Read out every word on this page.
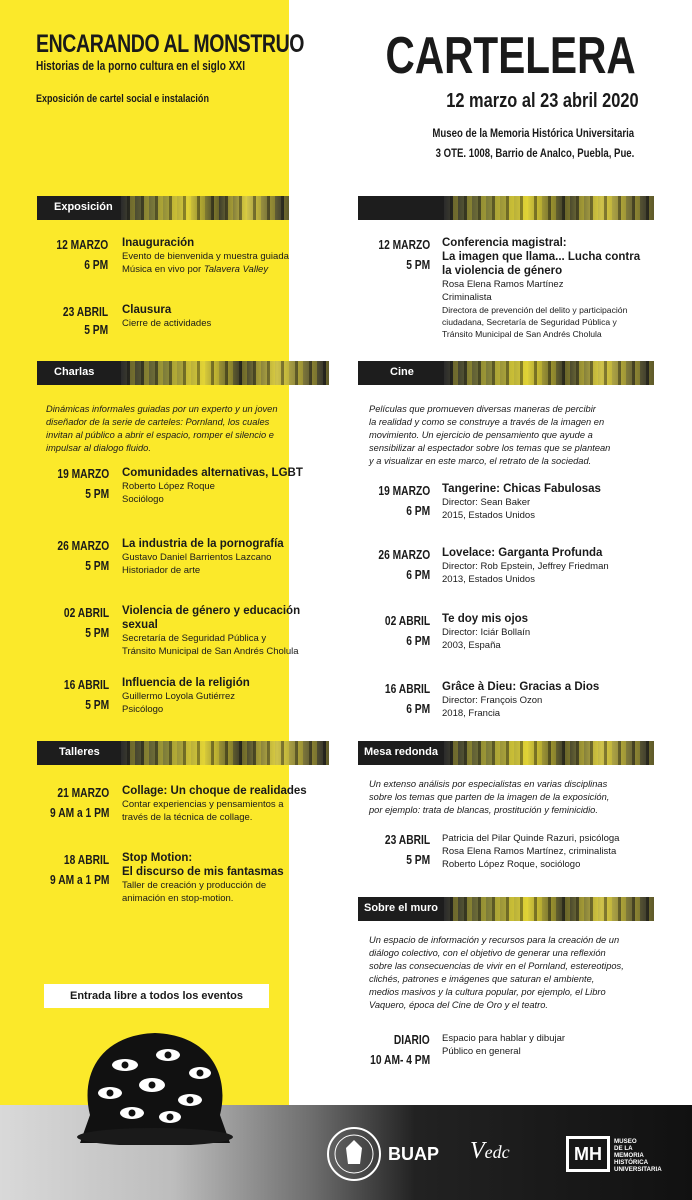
ENCARANDO AL MONSTRUO
Historias de la porno cultura en el siglo XXI
Exposición de cartel social e instalación
CARTELERA
12 marzo al 23 abril 2020
Museo de la Memoria Histórica Universitaria
3 OTE. 1008, Barrio de Analco, Puebla, Pue.
Exposición
12 MARZO
6 PM
Inauguración
Evento de bienvenida y muestra guiada
Música en vivo por Talavera Valley
23 ABRIL
5 PM
Clausura
Cierre de actividades
12 MARZO
5 PM
Conferencia magistral:
La imagen que llama... Lucha contra
la violencia de género
Rosa Elena Ramos Martínez
Criminalista
Directora de prevención del delito y participación
ciudadana, Secretaría de Seguridad Pública y
Tránsito Municipal de San Andrés Cholula
Charlas	Cine
Dinámicas informales guiadas por un experto y un joven
diseñador de la serie de carteles: Pornland, los cuales
invitan al público a abrir el espacio, romper el silencio e
impulsar al dialogo fluido.
19 MARZO
5 PM
Comunidades alternativas, LGBT
Roberto López Roque
Sociólogo
26 MARZO
5 PM
La industria de la pornografía
Gustavo Daniel Barrientos Lazcano
Historiador de arte
02 ABRIL
5 PM
Violencia de género y educación
sexual
Secretaría de Seguridad Pública y
Tránsito Municipal de San Andrés Cholula
16 ABRIL
5 PM
Influencia de la religión
Guillermo Loyola Gutiérrez
Psicólogo
Películas que promueven diversas maneras de percibir
la realidad y como se construye a través de la imagen en
movimiento. Un ejercicio de pensamiento que ayude a
sensibilizar al espectador sobre los temas que se plantean
y a visualizar en este marco, el retrato de la sociedad.
19 MARZO
6 PM
Tangerine: Chicas Fabulosas
Director: Sean Baker
2015, Estados Unidos
26 MARZO
6 PM
Lovelace: Garganta Profunda
Director: Rob Epstein, Jeffrey Friedman
2013, Estados Unidos
02 ABRIL
6 PM
Te doy mis ojos
Director: Iciár Bollaín
2003, España
16 ABRIL
6 PM
Grâce à Dieu: Gracias a Dios
Director: François Ozon
2018, Francia
Talleres	Mesa redonda
21 MARZO
9 AM a 1 PM
Collage: Un choque de realidades
Contar experiencias y pensamientos a
través de la técnica de collage.
18 ABRIL
9 AM a 1 PM
Stop Motion:
El discurso de mis fantasmas
Taller de creación y producción de
animación en stop-motion.
Un extenso análisis por especialistas en varias disciplinas
sobre los temas que parten de la imagen de la exposición,
por ejemplo: trata de blancas, prostitución y feminicidio.
23 ABRIL
5 PM
Patricia del Pilar Quinde Razuri, psicóloga
Rosa Elena Ramos Martínez, criminalista
Roberto López Roque, sociólogo
Sobre el muro
Un espacio de información y recursos para la creación de un
diálogo colectivo, con el objetivo de generar una reflexión
sobre las consecuencias de vivir en el Pornland, estereotipos,
clichés, patrones e imágenes que saturan el ambiente,
medios masivos y la cultura popular, por ejemplo, el Libro
Vaquero, época del Cine de Oro y el teatro.
DIARIO
10 AM- 4 PM
Espacio para hablar y dibujar
Público en general
Entrada libre a todos los eventos
BUAP Vedc	MH
MUSEO
DE LA
MEMORIA
HISTÓRICA
UNIVERSITARIA
